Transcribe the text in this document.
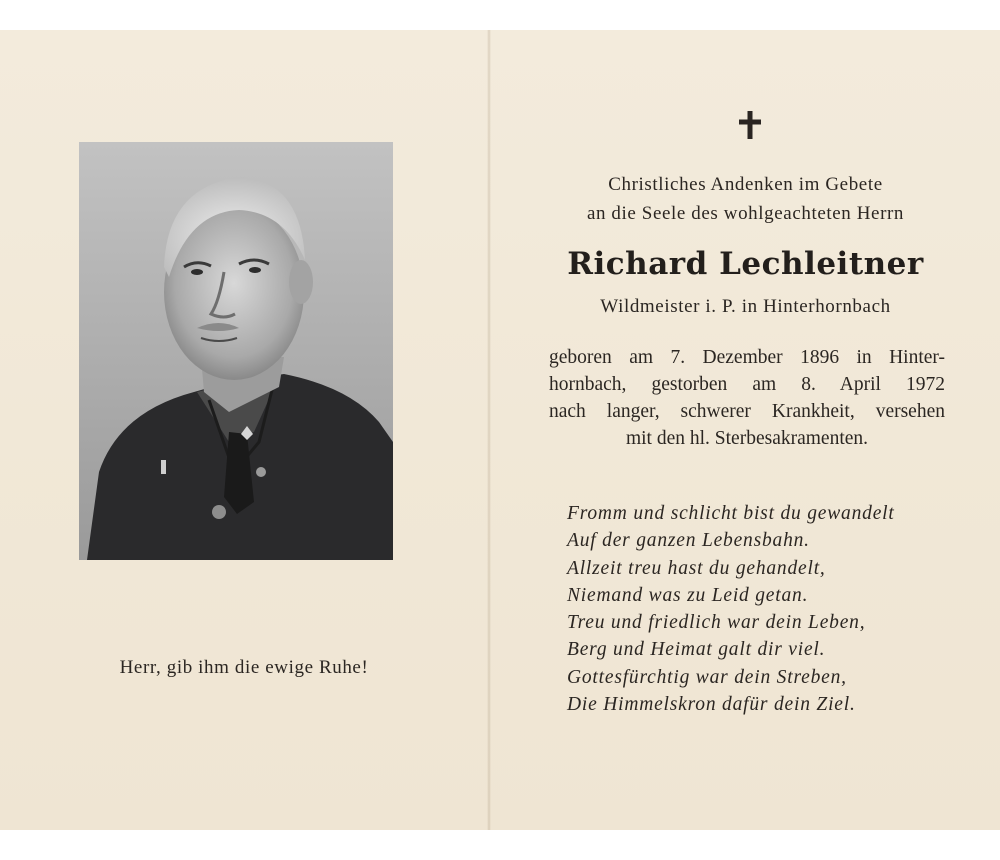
Herr, gib ihm die ewige Ruhe!
Christliches Andenken im Gebete
an die Seele des wohlgeachteten Herrn
Richard Lechleitner
Wildmeister i. P. in Hinterhornbach
geboren am 7. Dezember 1896 in Hinter-
hornbach, gestorben am 8. April 1972
nach langer, schwerer Krankheit, versehen
mit den hl. Sterbesakramenten.
Fromm und schlicht bist du gewandelt
Auf der ganzen Lebensbahn.
Allzeit treu hast du gehandelt,
Niemand was zu Leid getan.
Treu und friedlich war dein Leben,
Berg und Heimat galt dir viel.
Gottesfürchtig war dein Streben,
Die Himmelskron dafür dein Ziel.
